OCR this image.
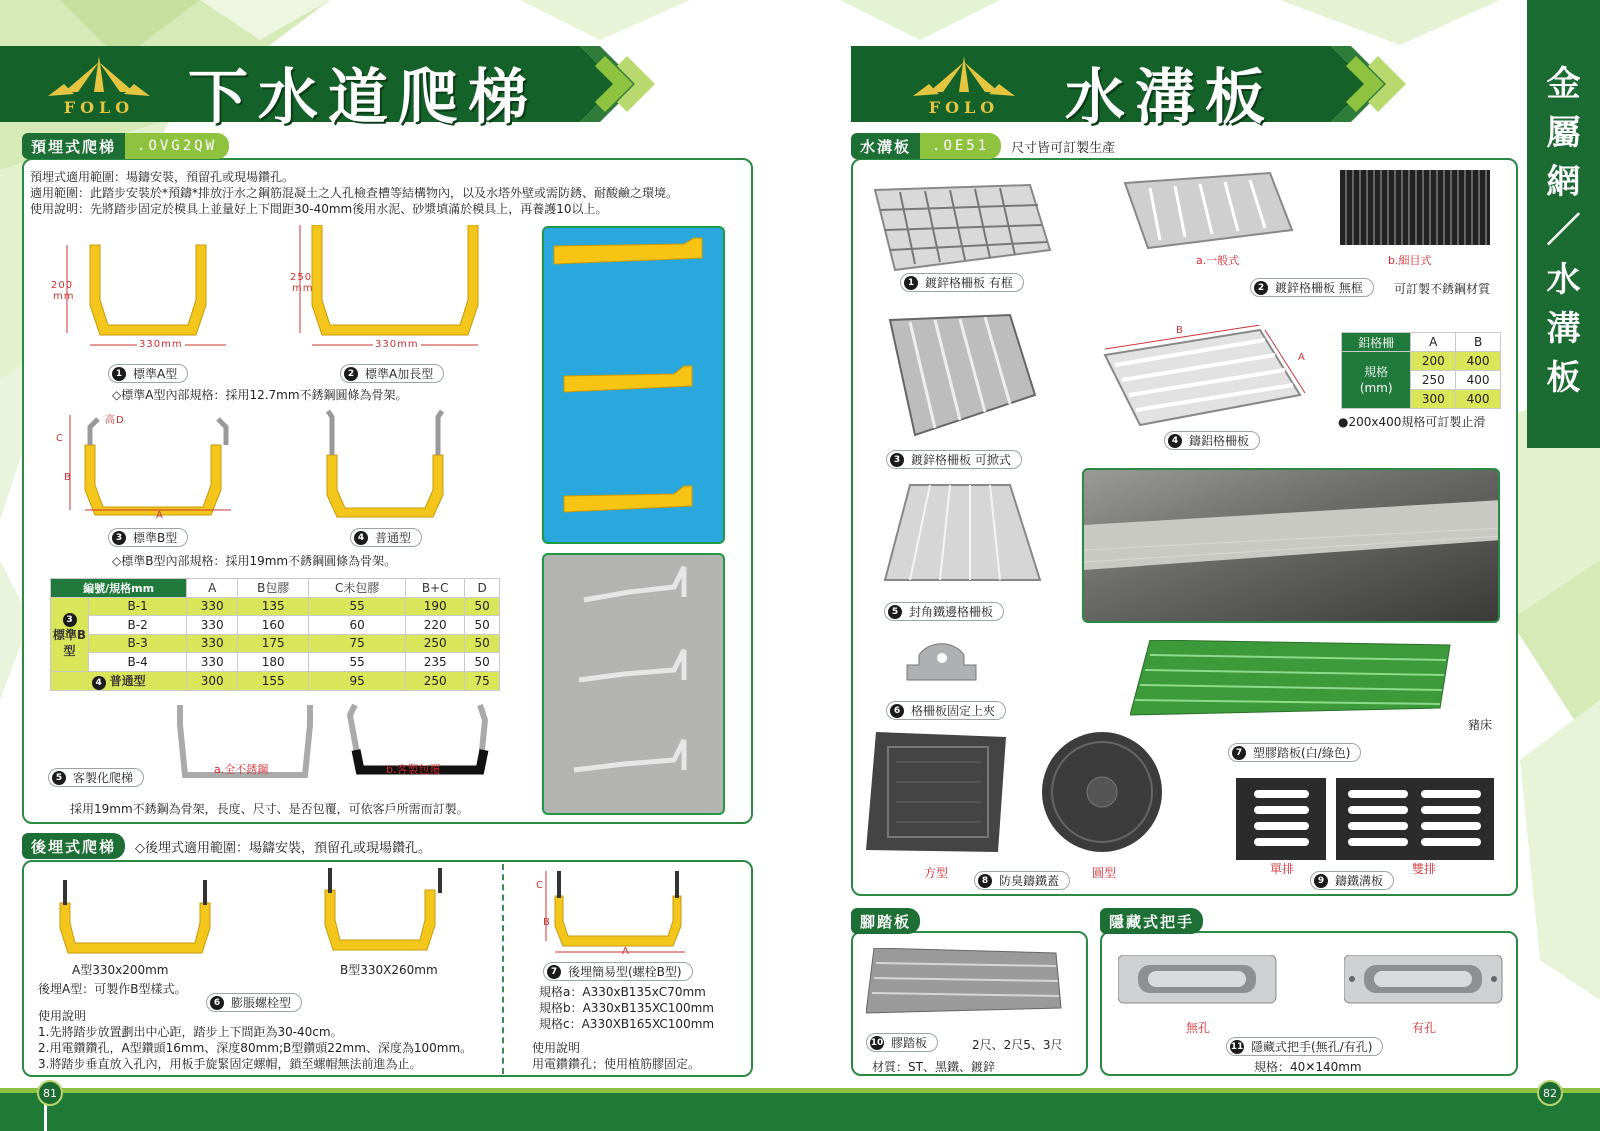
金
屬
網
／
水
溝
板
FOLO 下水道爬梯	FOLO	水溝板
預埋式爬梯	.OVG2QW
預埋式適用範圍：場鑄安裝，預留孔或現場鑽孔。
適用範圍：此踏步安裝於*預鑄*排放汙水之鋼筋混凝土之人孔檢查槽等結構物內，以及水塔外壁或需防銹、耐酸鹼之環境。
使用說明：先將踏步固定於模具上並量好上下間距30-40mm後用水泥、砂漿填滿於模具上，再養護10以上。
200
mm
250
mm
330mm	330mm
1 標準A型	2 標準A加長型
◇標準A型內部規格：採用12.7mm不銹鋼圓條為骨架。
高D
C
B
A
3 標準B型	4 普通型
◇標準B型內部規格：採用19mm不銹鋼圓條為骨架。
編號/規格mm		A	B包膠	C未包膠	B+C	D
3
標準B 型	B-1	330	135	55	190	50
	B-2	330	160	60	220	50
	B-3	330	175	75	250	50
	B-4	330	180	55	235	50
4 普通型		300	155	95	250	75
a.全不銹鋼	b.客製包覆
5 客製化爬梯
採用19mm不銹鋼為骨架，長度、尺寸、是否包覆，可依客戶所需而訂製。
後埋式爬梯	◇後埋式適用範圍：場鑄安裝，預留孔或現場鑽孔。
A型330x200mm	B型330X260mm
後埋A型：可製作B型樣式。
6 膨脹螺栓型
使用說明
1.先將踏步放置劃出中心距，踏步上下間距為30-40cm。
2.用電鑽鑽孔，A型鑽頭16mm、深度80mm;B型鑽頭22mm、深度為100mm。
3.將踏步垂直放入孔內，用板手旋緊固定螺帽，鎖至螺帽無法前進為止。
C
B
A
7 後埋簡易型(螺栓B型)
規格a：A330xB135xC70mm
規格b：A330xB135XC100mm
規格c：A330XB165XC100mm
使用說明
用電鑽鑽孔；使用植筋膠固定。
水溝板	.OE51	尺寸皆可訂製生產
a.一般式	b.細目式
1 鍍鋅格柵板 有框	2 鍍鋅格柵板 無框	可訂製不銹鋼材質
3 鍍鋅格柵板 可掀式
B
A
4 鑄鋁格柵板
鋁格柵	A	B
規格
(mm)	200	400
	250	400
	300	400
●200x400規格可訂製止滑
5 封角鐵邊格柵板
6 格柵板固定上夾
豬床
7 塑膠踏板(白/綠色)
方型	圓型
8 防臭鑄鐵蓋
單排	雙排
9 鑄鐵溝板
腳踏板
10 膠踏板	2尺、2尺5、3尺
材質：ST、黑鐵、鍍鋅
隱藏式把手
無孔	有孔
11 隱藏式把手(無孔/有孔)
規格：40✕140mm
81	82
